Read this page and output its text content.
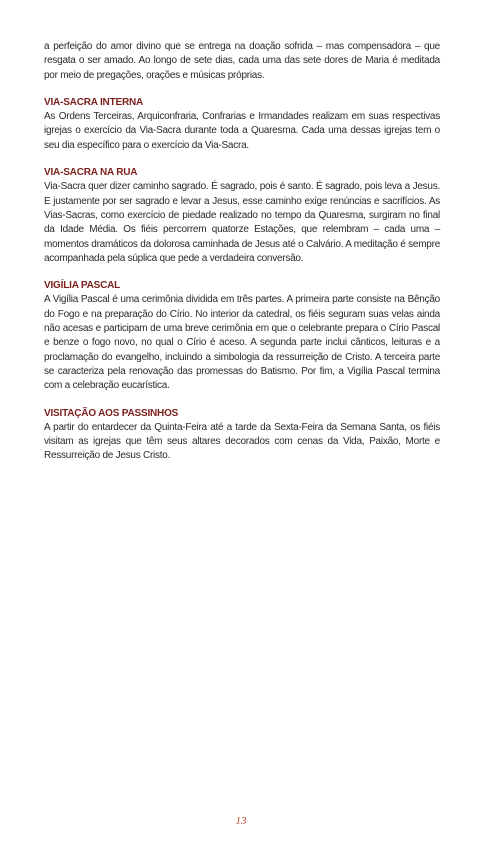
a perfeição do amor divino que se entrega na doação sofrida – mas compensadora – que resgata o ser amado. Ao longo de sete dias, cada uma das sete dores de Maria é meditada por meio de pregações, orações e músicas próprias.

VIA-SACRA INTERNA

As Ordens Terceiras, Arquiconfraria, Confrarias e Irmandades realizam em suas respectivas igrejas o exercício da Via-Sacra durante toda a Quaresma. Cada uma dessas igrejas tem o seu dia específico para o exercício da Via-Sacra.

VIA-SACRA NA RUA

Via-Sacra quer dizer caminho sagrado. É sagrado, pois é santo. É sagrado, pois leva a Jesus. E justamente por ser sagrado e levar a Jesus, esse caminho exige renúncias e sacrifícios. As Vias-Sacras, como exercício de piedade realizado no tempo da Quaresma, surgiram no final da Idade Média. Os fiéis percorrem quatorze Estações, que relembram – cada uma – momentos dramáticos da dolorosa caminhada de Jesus até o Calvário. A meditação é sempre acompanhada pela súplica que pede a verdadeira conversão.

VIGÍLIA PASCAL

A Vigília Pascal é uma cerimônia dividida em três partes. A primeira parte consiste na Bênção do Fogo e na preparação do Círio. No interior da catedral, os fiéis seguram suas velas ainda não acesas e participam de uma breve cerimônia em que o celebrante prepara o Círio Pascal e benze o fogo novo, no qual o Círio é aceso. A segunda parte inclui cânticos, leituras e a proclamação do evangelho, incluindo a simbologia da ressurreição de Cristo. A terceira parte se caracteriza pela renovação das promessas do Batismo. Por fim, a Vigília Pascal termina com a celebração eucarística.

VISITAÇÃO AOS PASSINHOS

A partir do entardecer da Quinta-Feira até a tarde da Sexta-Feira da Semana Santa, os fiéis visitam as igrejas que têm seus altares decorados com cenas da Vida, Paixão, Morte e Ressurreição de Jesus Cristo.

13
